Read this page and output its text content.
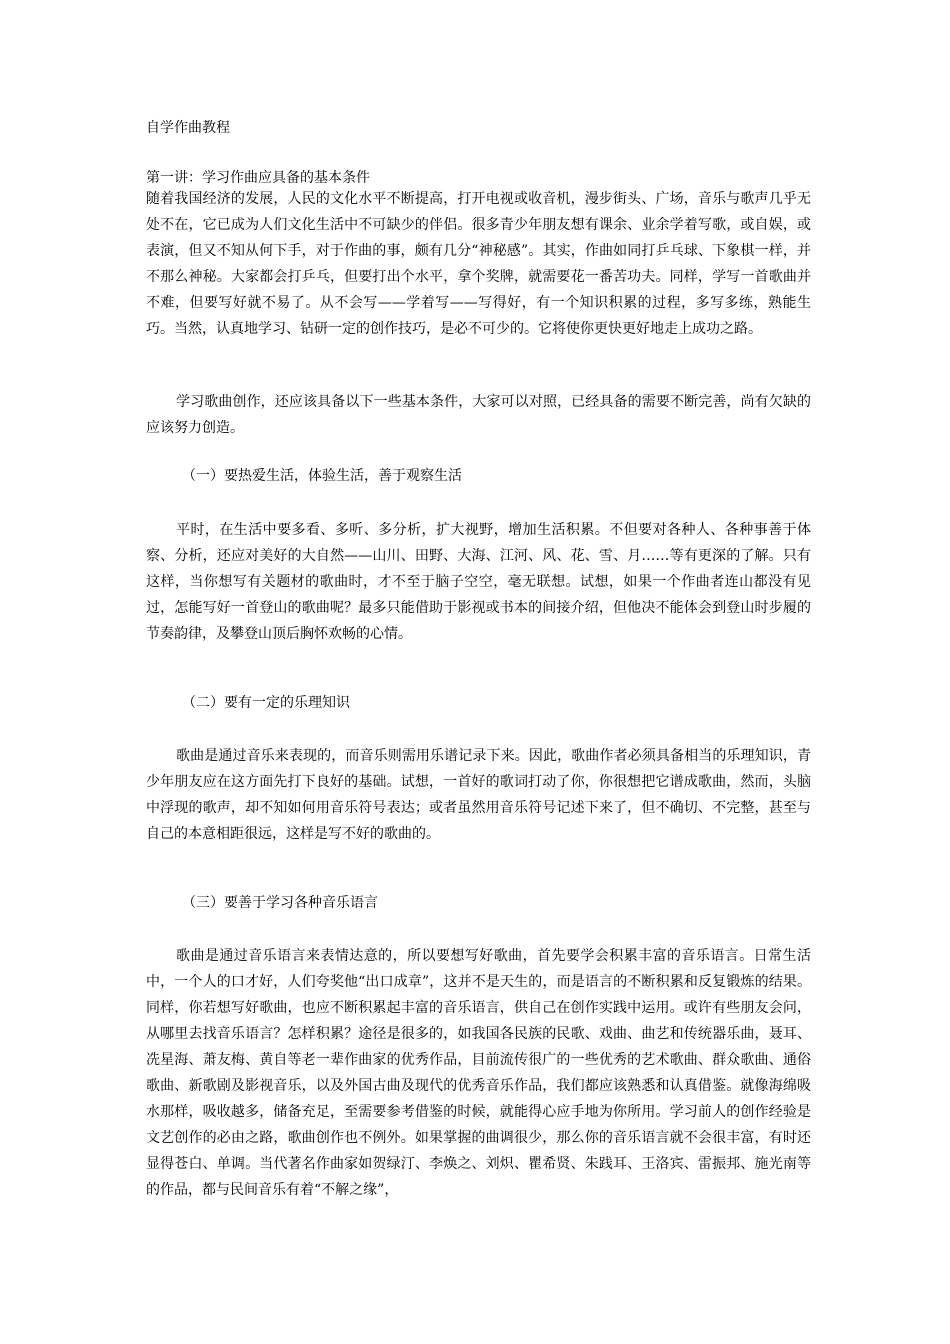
自学作曲教程
第一讲：学习作曲应具备的基本条件

随着我国经济的发展，人民的文化水平不断提高，打开电视或收音机，漫步街头、广场，音乐与歌声几乎无处不在，它已成为人们文化生活中不可缺少的伴侣。很多青少年朋友想有课余、业余学着写歌，或自娱，或表演，但又不知从何下手，对于作曲的事，颇有几分“神秘感”。其实，作曲如同打乒乓球、下象棋一样，并不那么神秘。大家都会打乒乓，但要打出个水平，拿个奖牌，就需要花一番苦功夫。同样，学写一首歌曲并不难，但要写好就不易了。从不会写——学着写——写得好，有一个知识积累的过程，多写多练，熟能生巧。当然，认真地学习、钻研一定的创作技巧，是必不可少的。它将使你更快更好地走上成功之路。

学习歌曲创作，还应该具备以下一些基本条件，大家可以对照，已经具备的需要不断完善，尚有欠缺的应该努力创造。

（一）要热爱生活，体验生活，善于观察生活

平时，在生活中要多看、多听、多分析，扩大视野，增加生活积累。不但要对各种人、各种事善于体察、分析，还应对美好的大自然——山川、田野、大海、江河、风、花、雪、月……等有更深的了解。只有这样，当你想写有关题材的歌曲时，才不至于脑子空空，毫无联想。试想，如果一个作曲者连山都没有见过，怎能写好一首登山的歌曲呢？最多只能借助于影视或书本的间接介绍，但他决不能体会到登山时步履的节奏韵律，及攀登山顶后胸怀欢畅的心情。

（二）要有一定的乐理知识

歌曲是通过音乐来表现的，而音乐则需用乐谱记录下来。因此，歌曲作者必须具备相当的乐理知识，青少年朋友应在这方面先打下良好的基础。试想，一首好的歌词打动了你，你很想把它谱成歌曲，然而，头脑中浮现的歌声，却不知如何用音乐符号表达；或者虽然用音乐符号记述下来了，但不确切、不完整，甚至与自己的本意相距很远，这样是写不好的歌曲的。

（三）要善于学习各种音乐语言

歌曲是通过音乐语言来表情达意的，所以要想写好歌曲，首先要学会积累丰富的音乐语言。日常生活中，一个人的口才好，人们夸奖他“出口成章”，这并不是天生的，而是语言的不断积累和反复锻炼的结果。同样，你若想写好歌曲，也应不断积累起丰富的音乐语言，供自己在创作实践中运用。或许有些朋友会问，从哪里去找音乐语言？怎样积累？途径是很多的，如我国各民族的民歌、戏曲、曲艺和传统器乐曲，聂耳、冼星海、萧友梅、黄自等老一辈作曲家的优秀作品，目前流传很广的一些优秀的艺术歌曲、群众歌曲、通俗歌曲、新歌剧及影视音乐，以及外国古曲及现代的优秀音乐作品，我们都应该熟悉和认真借鉴。就像海绵吸水那样，吸收越多，储备充足，至需要参考借鉴的时候，就能得心应手地为你所用。学习前人的创作经验是文艺创作的必由之路，歌曲创作也不例外。如果掌握的曲调很少，那么你的音乐语言就不会很丰富，有时还显得苍白、单调。当代著名作曲家如贺绿汀、李焕之、刘炽、瞿希贤、朱践耳、王洛宾、雷振邦、施光南等的作品，都与民间音乐有着“不解之缘”，
